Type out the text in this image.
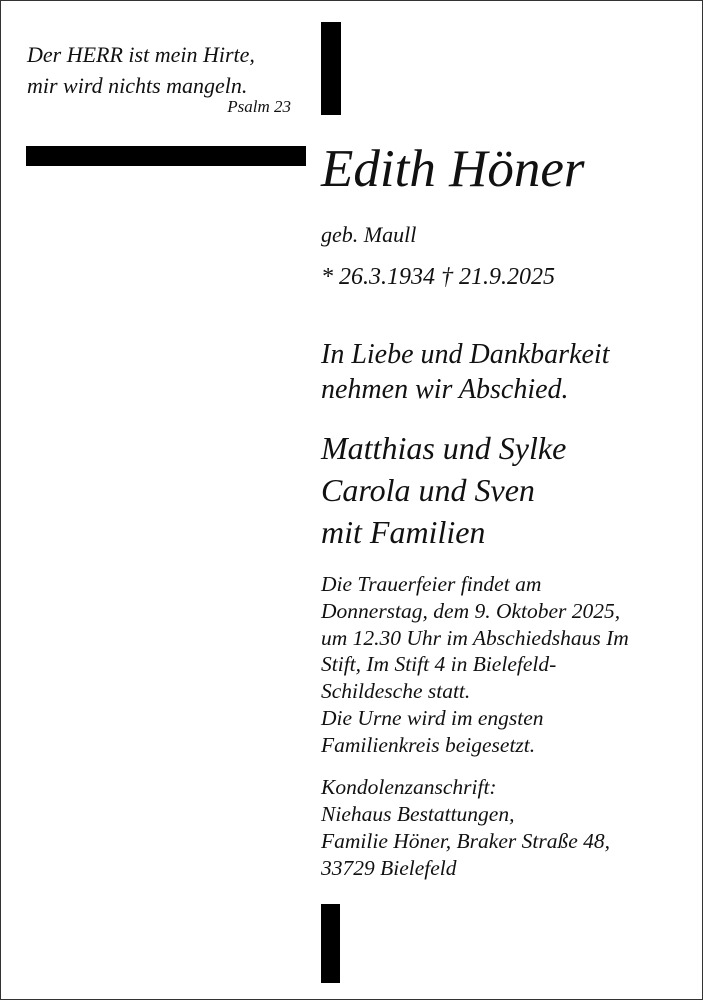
Der HERR ist mein Hirte,
mir wird nichts mangeln.
Psalm 23
Edith Höner
geb. Maull
* 26.3.1934 † 21.9.2025
In Liebe und Dankbarkeit
nehmen wir Abschied.
Matthias und Sylke
Carola und Sven
mit Familien
Die Trauerfeier findet am
Donnerstag, dem 9. Oktober 2025,
um 12.30 Uhr im Abschiedshaus Im
Stift, Im Stift 4 in Bielefeld-
Schildesche statt.
Die Urne wird im engsten
Familienkreis beigesetzt.
Kondolenzanschrift:
Niehaus Bestattungen,
Familie Höner, Braker Straße 48,
33729 Bielefeld
